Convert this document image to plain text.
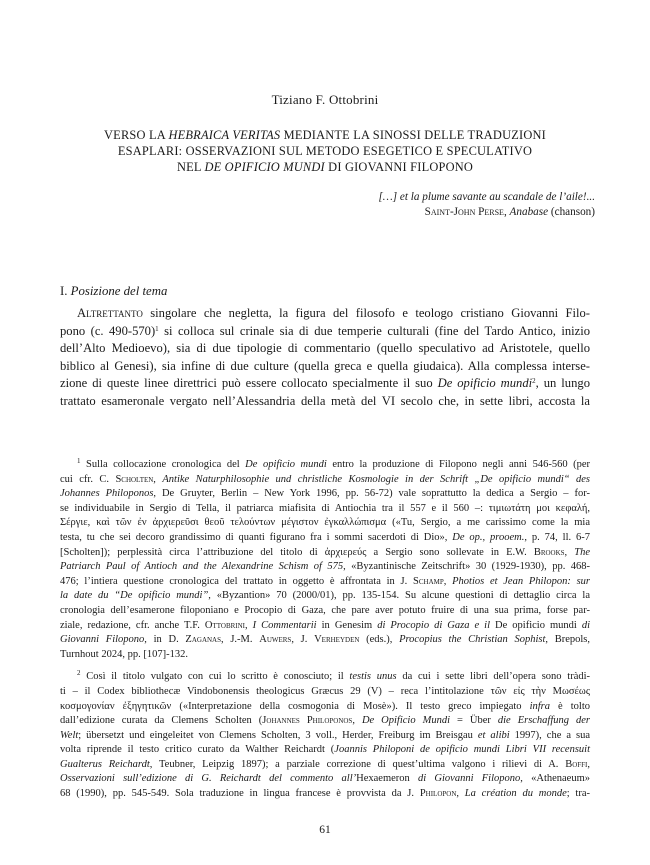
Tiziano F. Ottobrini
VERSO LA HEBRAICA VERITAS MEDIANTE LA SINOSSI DELLE TRADUZIONI
ESAPLARI: OSSERVAZIONI SUL METODO ESEGETICO E SPECULATIVO
NEL DE OPIFICIO MUNDI DI GIOVANNI FILOPONO
[…] et la plume savante au scandale de l’aile!...
Saint-John Perse, Anabase (chanson)
I. Posizione del tema
Altrettanto singolare che negletta, la figura del filosofo e teologo cristiano Giovanni Filo-
pono (c. 490-570)$^1$ si colloca sul crinale sia di due temperie culturali (fine del Tardo Antico, inizio
dell’Alto Medioevo), sia di due tipologie di commentario (quello speculativo ad Aristotele, quello
biblico al Genesi), sia infine di due culture (quella greca e quella giudaica). Alla complessa interse-
zione di queste linee direttrici può essere collocato specialmente il suo De opificio mundi$^2$, un lungo
trattato esameronale vergato nell’Alessandria della metà del VI secolo che, in sette libri, accosta la
$^1$ Sulla collocazione cronologica del De opificio mundi entro la produzione di Filopono negli anni 546-560 (per
cui cfr. C. Scholten, Antike Naturphilosophie und christliche Kosmologie in der Schrift „De opificio mundi“ des
Johannes Philoponos, De Gruyter, Berlin – New York 1996, pp. 56-72) vale soprattutto la dedica a Sergio – for-
se individuabile in Sergio di Tella, il patriarca miafisita di Antiochia tra il 557 e il 560 –: τιμιωτάτη μοι κεφαλή,
Σέργιε, καὶ τῶν ἐν ἀρχιερεῦσι θεοῦ τελούντων μέγιστον ἐγκαλλώπισμα («Tu, Sergio, a me carissimo come la mia
testa, tu che sei decoro grandissimo di quanti figurano fra i sommi sacerdoti di Dio», De op., prooem., p. 74, ll. 6-7
[Scholten]); perplessità circa l’attribuzione del titolo di ἀρχιερεύς a Sergio sono sollevate in E.W. Brooks, The
Patriarch Paul of Antioch and the Alexandrine Schism of 575, «Byzantinische Zeitschrift» 30 (1929-1930), pp. 468-
476; l’intiera questione cronologica del trattato in oggetto è affrontata in J. Schamp, Photios et Jean Philopon: sur
la date du “De opificio mundi”, «Byzantion» 70 (2000/01), pp. 135-154. Su alcune questioni di dettaglio circa la
cronologia dell’esamerone filoponiano e Procopio di Gaza, che pare aver potuto fruire di una sua prima, forse par-
ziale, redazione, cfr. anche T.F. Ottobrini, I Commentarii in Genesim di Procopio di Gaza e il De opificio mundi di
Giovanni Filopono, in D. Zaganas, J.-M. Auwers, J. Verheyden (eds.), Procopius the Christian Sophist, Brepols,
Turnhout 2024, pp. [107]-132.
$^2$ Così il titolo vulgato con cui lo scritto è conosciuto; il testis unus da cui i sette libri dell’opera sono tràdi-
ti – il Codex bibliothecæ Vindobonensis theologicus Græcus 29 (V) – reca l’intitolazione τῶν εἰς τὴν Μωσέως
κοσμογονίαν ἐξηγητικῶν («Interpretazione della cosmogonia di Mosè»). Il testo greco impiegato infra è tolto
dall’edizione curata da Clemens Scholten (Johannes Philoponos, De Opificio Mundi = Über die Erschaffung der
Welt; übersetzt und eingeleitet von Clemens Scholten, 3 voll., Herder, Freiburg im Breisgau et alibi 1997), che a sua
volta riprende il testo critico curato da Walther Reichardt (Joannis Philoponi de opificio mundi Libri VII recensuit
Gualterus Reichardt, Teubner, Leipzig 1897); a parziale correzione di quest’ultima valgono i rilievi di A. Boffi,
Osservazioni sull’edizione di G. Reichardt del commento all’Hexaemeron di Giovanni Filopono, «Athenaeum»
68 (1990), pp. 545-549. Sola traduzione in lingua francese è provvista da J. Philopon, La création du monde; tra-
61
